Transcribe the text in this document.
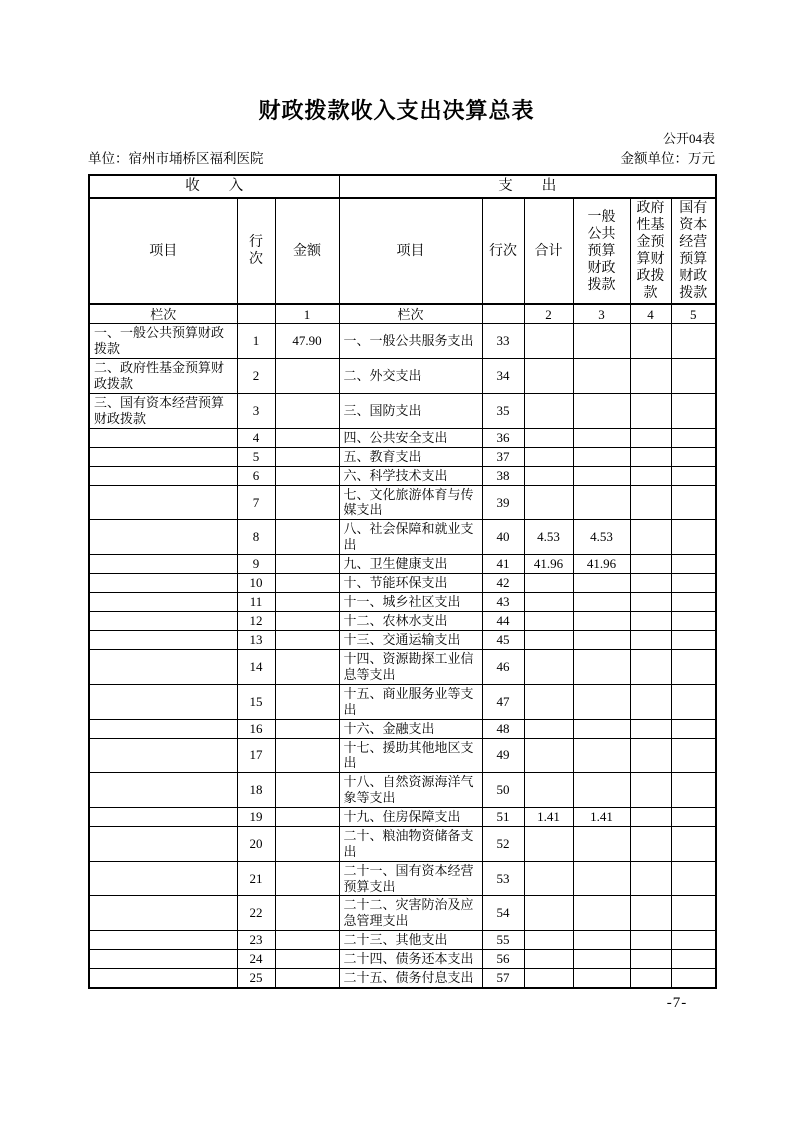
财政拨款收入支出决算总表
公开04表
单位：宿州市埇桥区福利医院	金额单位：万元
收　　入			支　　出					
项目	行次	金额	项目	行次	合计	一般公共预算财政拨款	政府性基金预算财政拨款	国有资本经营预算财政拨款
栏次		1	栏次		2	3	4	5
一、一般公共预算财政拨款	1	47.90	一、一般公共服务支出	33				
二、政府性基金预算财政拨款	2		二、外交支出	34				
三、国有资本经营预算财政拨款	3		三、国防支出	35				
	4		四、公共安全支出	36				
	5		五、教育支出	37				
	6		六、科学技术支出	38				
	7		七、文化旅游体育与传媒支出	39				
	8		八、社会保障和就业支出	40	4.53	4.53		
	9		九、卫生健康支出	41	41.96	41.96		
	10		十、节能环保支出	42				
	11		十一、城乡社区支出	43				
	12		十二、农林水支出	44				
	13		十三、交通运输支出	45				
	14		十四、资源勘探工业信息等支出	46				
	15		十五、商业服务业等支出	47				
	16		十六、金融支出	48				
	17		十七、援助其他地区支出	49				
	18		十八、自然资源海洋气象等支出	50				
	19		十九、住房保障支出	51	1.41	1.41		
	20		二十、粮油物资储备支出	52				
	21		二十一、国有资本经营预算支出	53				
	22		二十二、灾害防治及应急管理支出	54				
	23		二十三、其他支出	55				
	24		二十四、债务还本支出	56				
	25		二十五、债务付息支出	57				
-7-
